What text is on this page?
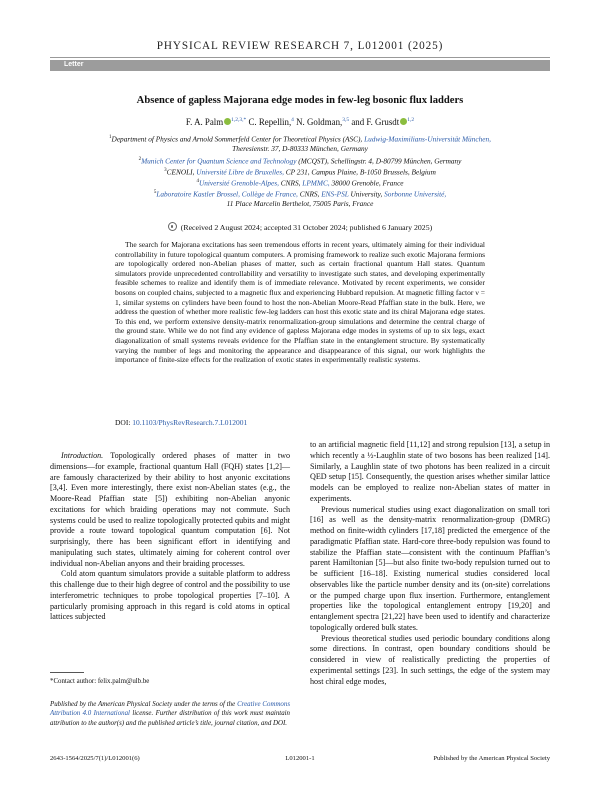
PHYSICAL REVIEW RESEARCH 7, L012001 (2025)
Letter
Absence of gapless Majorana edge modes in few-leg bosonic flux ladders
F. A. Palm $^{1,2,3,*}$ C. Repellin,$^4$ N. Goldman,$^{3,5}$ and F. Grusdt $^{1,2}$
$^1$Department of Physics and Arnold Sommerfeld Center for Theoretical Physics (ASC), Ludwig-Maximilians-Universität München,
Theresienstr. 37, D-80333 München, Germany
$^2$Munich Center for Quantum Science and Technology (MCQST), Schellingstr. 4, D-80799 München, Germany
$^3$CENOLI, Université Libre de Bruxelles, CP 231, Campus Plaine, B-1050 Brussels, Belgium
$^4$Université Grenoble-Alpes, CNRS, LPMMC, 38000 Grenoble, France
$^5$Laboratoire Kastler Brossel, Collège de France, CNRS, ENS-PSL University, Sorbonne Université,
11 Place Marcelin Berthelot, 75005 Paris, France
(Received 2 August 2024; accepted 31 October 2024; published 6 January 2025)
The search for Majorana excitations has seen tremendous efforts in recent years, ultimately aiming for their individual controllability in future topological quantum computers. A promising framework to realize such exotic Majorana fermions are topologically ordered non-Abelian phases of matter, such as certain fractional quantum Hall states. Quantum simulators provide unprecedented controllability and versatility to investigate such states, and developing experimentally feasible schemes to realize and identify them is of immediate relevance. Motivated by recent experiments, we consider bosons on coupled chains, subjected to a magnetic flux and experiencing Hubbard repulsion. At magnetic filling factor ν = 1, similar systems on cylinders have been found to host the non-Abelian Moore-Read Pfaffian state in the bulk. Here, we address the question of whether more realistic few-leg ladders can host this exotic state and its chiral Majorana edge states. To this end, we perform extensive density-matrix renormalization-group simulations and determine the central charge of the ground state. While we do not find any evidence of gapless Majorana edge modes in systems of up to six legs, exact diagonalization of small systems reveals evidence for the Pfaffian state in the entanglement structure. By systematically varying the number of legs and monitoring the appearance and disappearance of this signal, our work highlights the importance of finite-size effects for the realization of exotic states in experimentally realistic systems.
DOI: 10.1103/PhysRevResearch.7.L012001

Introduction. Topologically ordered phases of matter in two dimensions—for example, fractional quantum Hall (FQH) states [1,2]—are famously characterized by their ability to host anyonic excitations [3,4]. Even more interestingly, there exist non-Abelian states (e.g., the Moore-Read Pfaffian state [5]) exhibiting non-Abelian anyonic excitations for which braiding operations may not commute. Such systems could be used to realize topologically protected qubits and might provide a route toward topological quantum computation [6]. Not surprisingly, there has been significant effort in identifying and manipulating such states, ultimately aiming for coherent control over individual non-Abelian anyons and their braiding processes.

Cold atom quantum simulators provide a suitable platform to address this challenge due to their high degree of control and the possibility to use interferometric techniques to probe topological properties [7–10]. A particularly promising approach in this regard is cold atoms in optical lattices subjected

to an artificial magnetic field [11,12] and strong repulsion [13], a setup in which recently a ½-Laughlin state of two bosons has been realized [14]. Similarly, a Laughlin state of two photons has been realized in a circuit QED setup [15]. Consequently, the question arises whether similar lattice models can be employed to realize non-Abelian states of matter in experiments.

Previous numerical studies using exact diagonalization on small tori [16] as well as the density-matrix renormalization-group (DMRG) method on finite-width cylinders [17,18] predicted the emergence of the paradigmatic Pfaffian state. Hard-core three-body repulsion was found to stabilize the Pfaffian state—consistent with the continuum Pfaffian’s parent Hamiltonian [5]—but also finite two-body repulsion turned out to be sufficient [16–18]. Existing numerical studies considered local observables like the particle number density and its (on-site) correlations or the pumped charge upon flux insertion. Furthermore, entanglement properties like the topological entanglement entropy [19,20] and entanglement spectra [21,22] have been used to identify and characterize topologically ordered bulk states.

Previous theoretical studies used periodic boundary conditions along some directions. In contrast, open boundary conditions should be considered in view of realistically predicting the properties of experimental settings [23]. In such settings, the edge of the system may host chiral edge modes,

*Contact author: felix.palm@ulb.be
Published by the American Physical Society under the terms of the Creative Commons Attribution 4.0 International license. Further distribution of this work must maintain attribution to the author(s) and the published article’s title, journal citation, and DOI.
2643-1564/2025/7(1)/L012001(6)	L012001-1	Published by the American Physical Society
